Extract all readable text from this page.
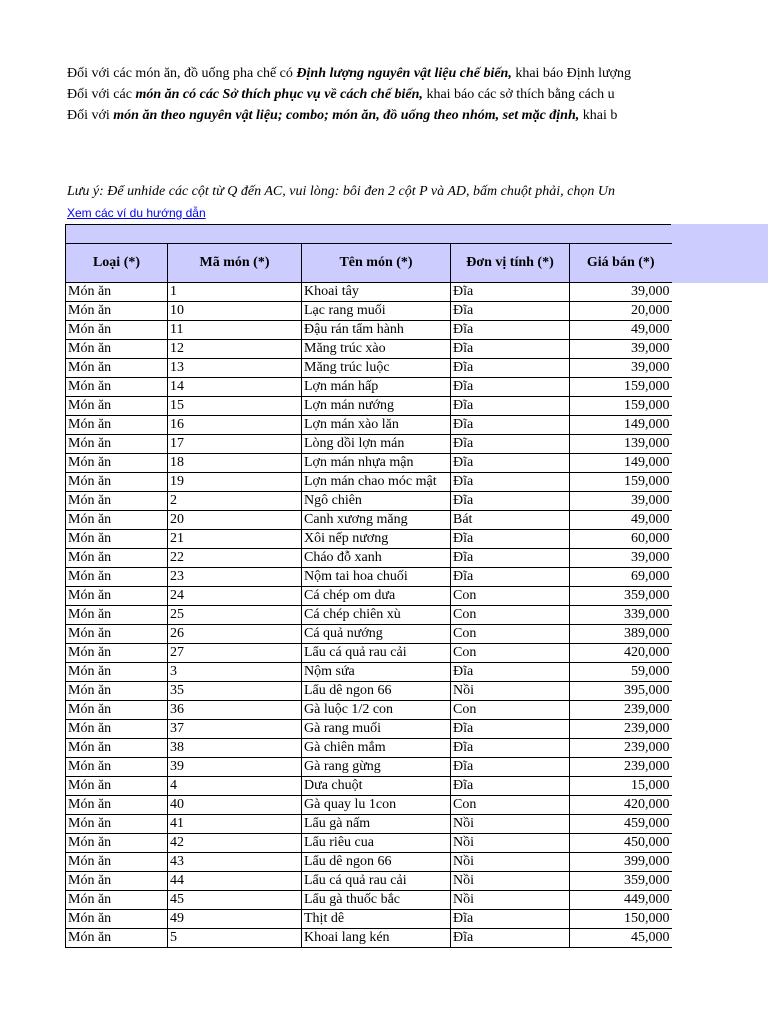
Đối với các món ăn, đồ uống pha chế có Định lượng nguyên vật liệu chế biến, khai báo Định lượng
Đối với các món ăn có các Sở thích phục vụ về cách chế biến, khai báo các sở thích bằng cách u
Đối với món ăn theo nguyên vật liệu; combo; món ăn, đồ uống theo nhóm, set mặc định, khai b
Lưu ý: Để unhide các cột từ Q đến AC, vui lòng: bôi đen 2 cột P và AD, bấm chuột phải, chọn Un
Xem các ví du hướng dẫn
Loại (*)	Mã món (*)	Tên món (*)	Đơn vị tính (*)	Giá bán (*)
Món ăn	1	Khoai tây	Đĩa	39,000
Món ăn	10	Lạc rang muối	Đĩa	20,000
Món ăn	11	Đậu rán tẩm hành	Đĩa	49,000
Món ăn	12	Măng trúc xào	Đĩa	39,000
Món ăn	13	Măng trúc luộc	Đĩa	39,000
Món ăn	14	Lợn mán hấp	Đĩa	159,000
Món ăn	15	Lợn mán nướng	Đĩa	159,000
Món ăn	16	Lợn mán xào lăn	Đĩa	149,000
Món ăn	17	Lòng dồi lợn mán	Đĩa	139,000
Món ăn	18	Lợn mán nhựa mận	Đĩa	149,000
Món ăn	19	Lợn mán chao móc mật	Đĩa	159,000
Món ăn	2	Ngô chiên	Đĩa	39,000
Món ăn	20	Canh xương măng	Bát	49,000
Món ăn	21	Xôi nếp nương	Đĩa	60,000
Món ăn	22	Cháo đỗ xanh	Đĩa	39,000
Món ăn	23	Nộm tai hoa chuối	Đĩa	69,000
Món ăn	24	Cá chép om dưa	Con	359,000
Món ăn	25	Cá chép chiên xù	Con	339,000
Món ăn	26	Cá quả nướng	Con	389,000
Món ăn	27	Lẩu cá quả rau cải	Con	420,000
Món ăn	3	Nộm sứa	Đĩa	59,000
Món ăn	35	Lẩu dê ngon 66	Nồi	395,000
Món ăn	36	Gà luộc 1/2 con	Con	239,000
Món ăn	37	Gà rang muối	Đĩa	239,000
Món ăn	38	Gà chiên mắm	Đĩa	239,000
Món ăn	39	Gà rang gừng	Đĩa	239,000
Món ăn	4	Dưa chuột	Đĩa	15,000
Món ăn	40	Gà quay lu 1con	Con	420,000
Món ăn	41	Lẩu gà nấm	Nồi	459,000
Món ăn	42	Lẩu riêu cua	Nồi	450,000
Món ăn	43	Lẩu dê ngon 66	Nồi	399,000
Món ăn	44	Lẩu cá quả rau cải	Nồi	359,000
Món ăn	45	Lẩu gà thuốc bắc	Nồi	449,000
Món ăn	49	Thịt dê	Đĩa	150,000
Món ăn	5	Khoai lang kén	Đĩa	45,000
